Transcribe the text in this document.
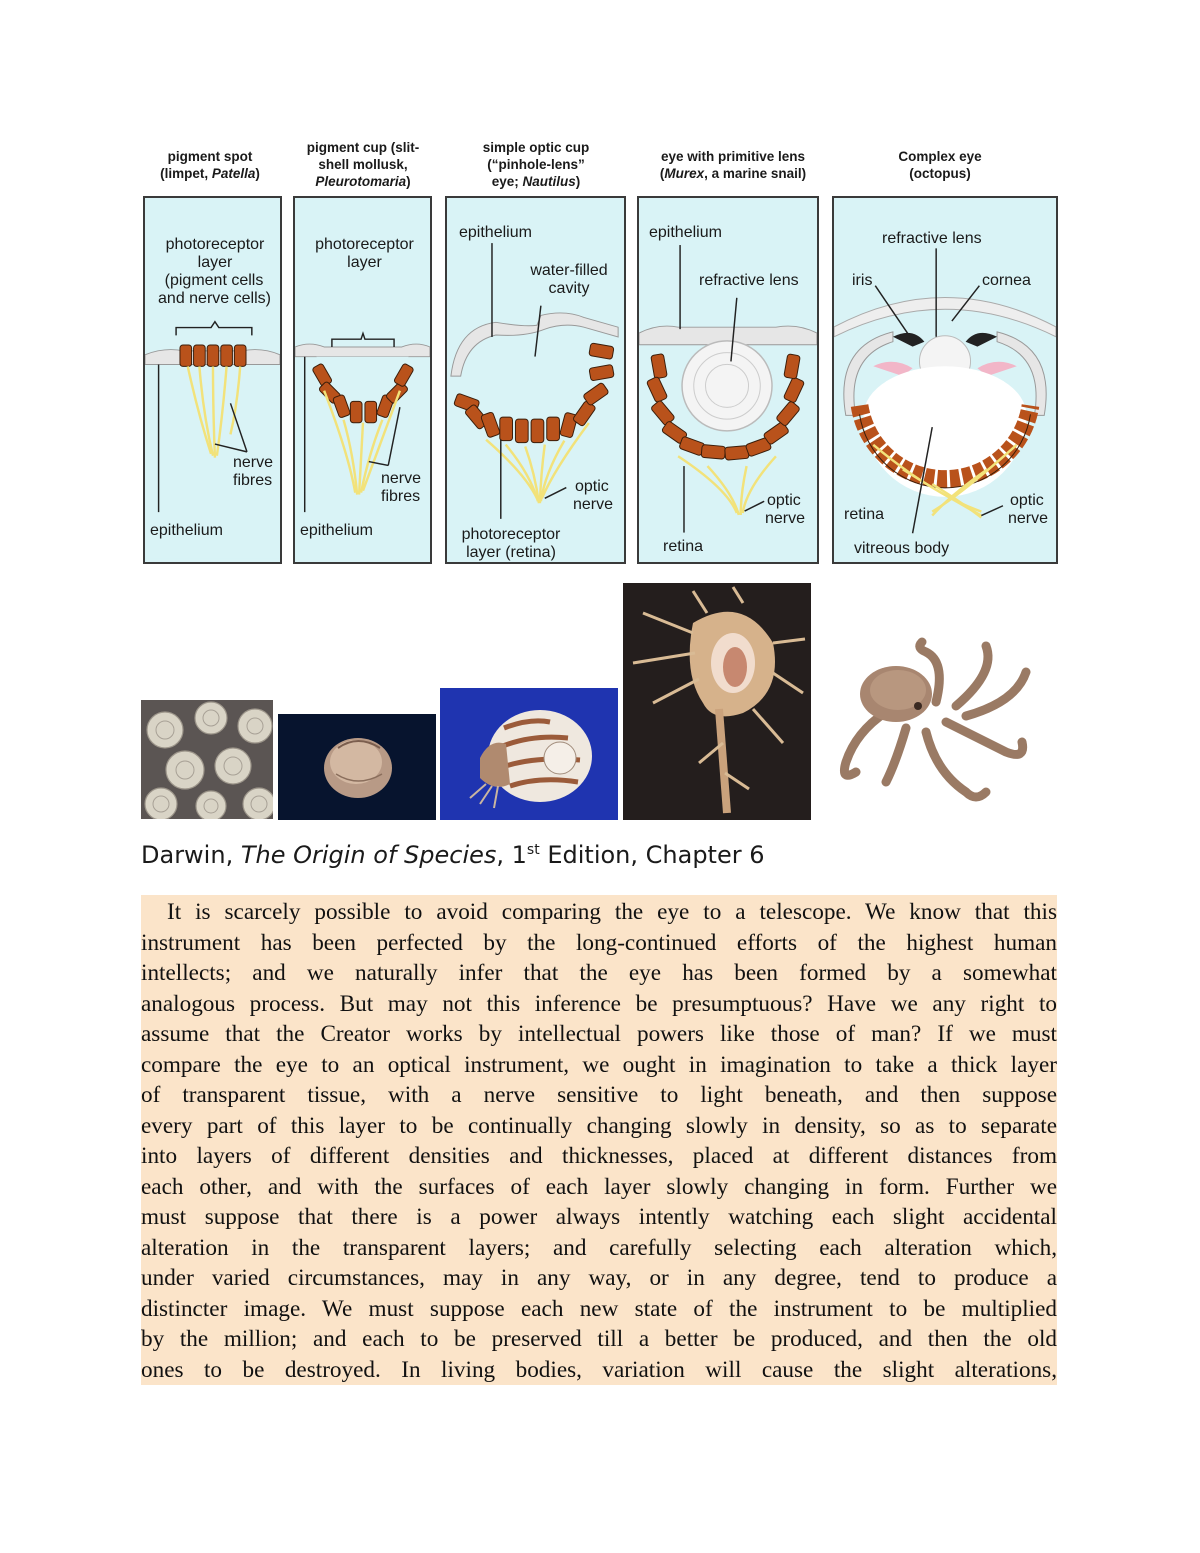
pigment spot
(limpet, Patella)
pigment cup (slit-
shell mollusk,
Pleurotomaria)
simple optic cup
(“pinhole-lens”
eye; Nautilus)
eye with primitive lens
(Murex, a marine snail)
Complex eye
(octopus)
photoreceptor
layer
(pigment cells
and nerve cells)
nerve
fibres
epithelium
photoreceptor
layer
nerve
fibres
epithelium
epithelium
water-filled
cavity
optic
nerve
photoreceptor
layer (retina)
epithelium
refractive lens
optic
nerve
retina
refractive lens
iris	cornea
retina
optic
nerve
vitreous body
Darwin, The Origin of Species, 1st Edition, Chapter 6
It is scarcely possible to avoid comparing the eye to a telescope. We know that this
instrument has been perfected by the long-continued efforts of the highest human
intellects; and we naturally infer that the eye has been formed by a somewhat
analogous process. But may not this inference be presumptuous? Have we any right to
assume that the Creator works by intellectual powers like those of man? If we must
compare the eye to an optical instrument, we ought in imagination to take a thick layer
of transparent tissue, with a nerve sensitive to light beneath, and then suppose
every part of this layer to be continually changing slowly in density, so as to separate
into layers of different densities and thicknesses, placed at different distances from
each other, and with the surfaces of each layer slowly changing in form. Further we
must suppose that there is a power always intently watching each slight accidental
alteration in the transparent layers; and carefully selecting each alteration which,
under varied circumstances, may in any way, or in any degree, tend to produce a
distincter image. We must suppose each new state of the instrument to be multiplied
by the million; and each to be preserved till a better be produced, and then the old
ones to be destroyed. In living bodies, variation will cause the slight alterations,
